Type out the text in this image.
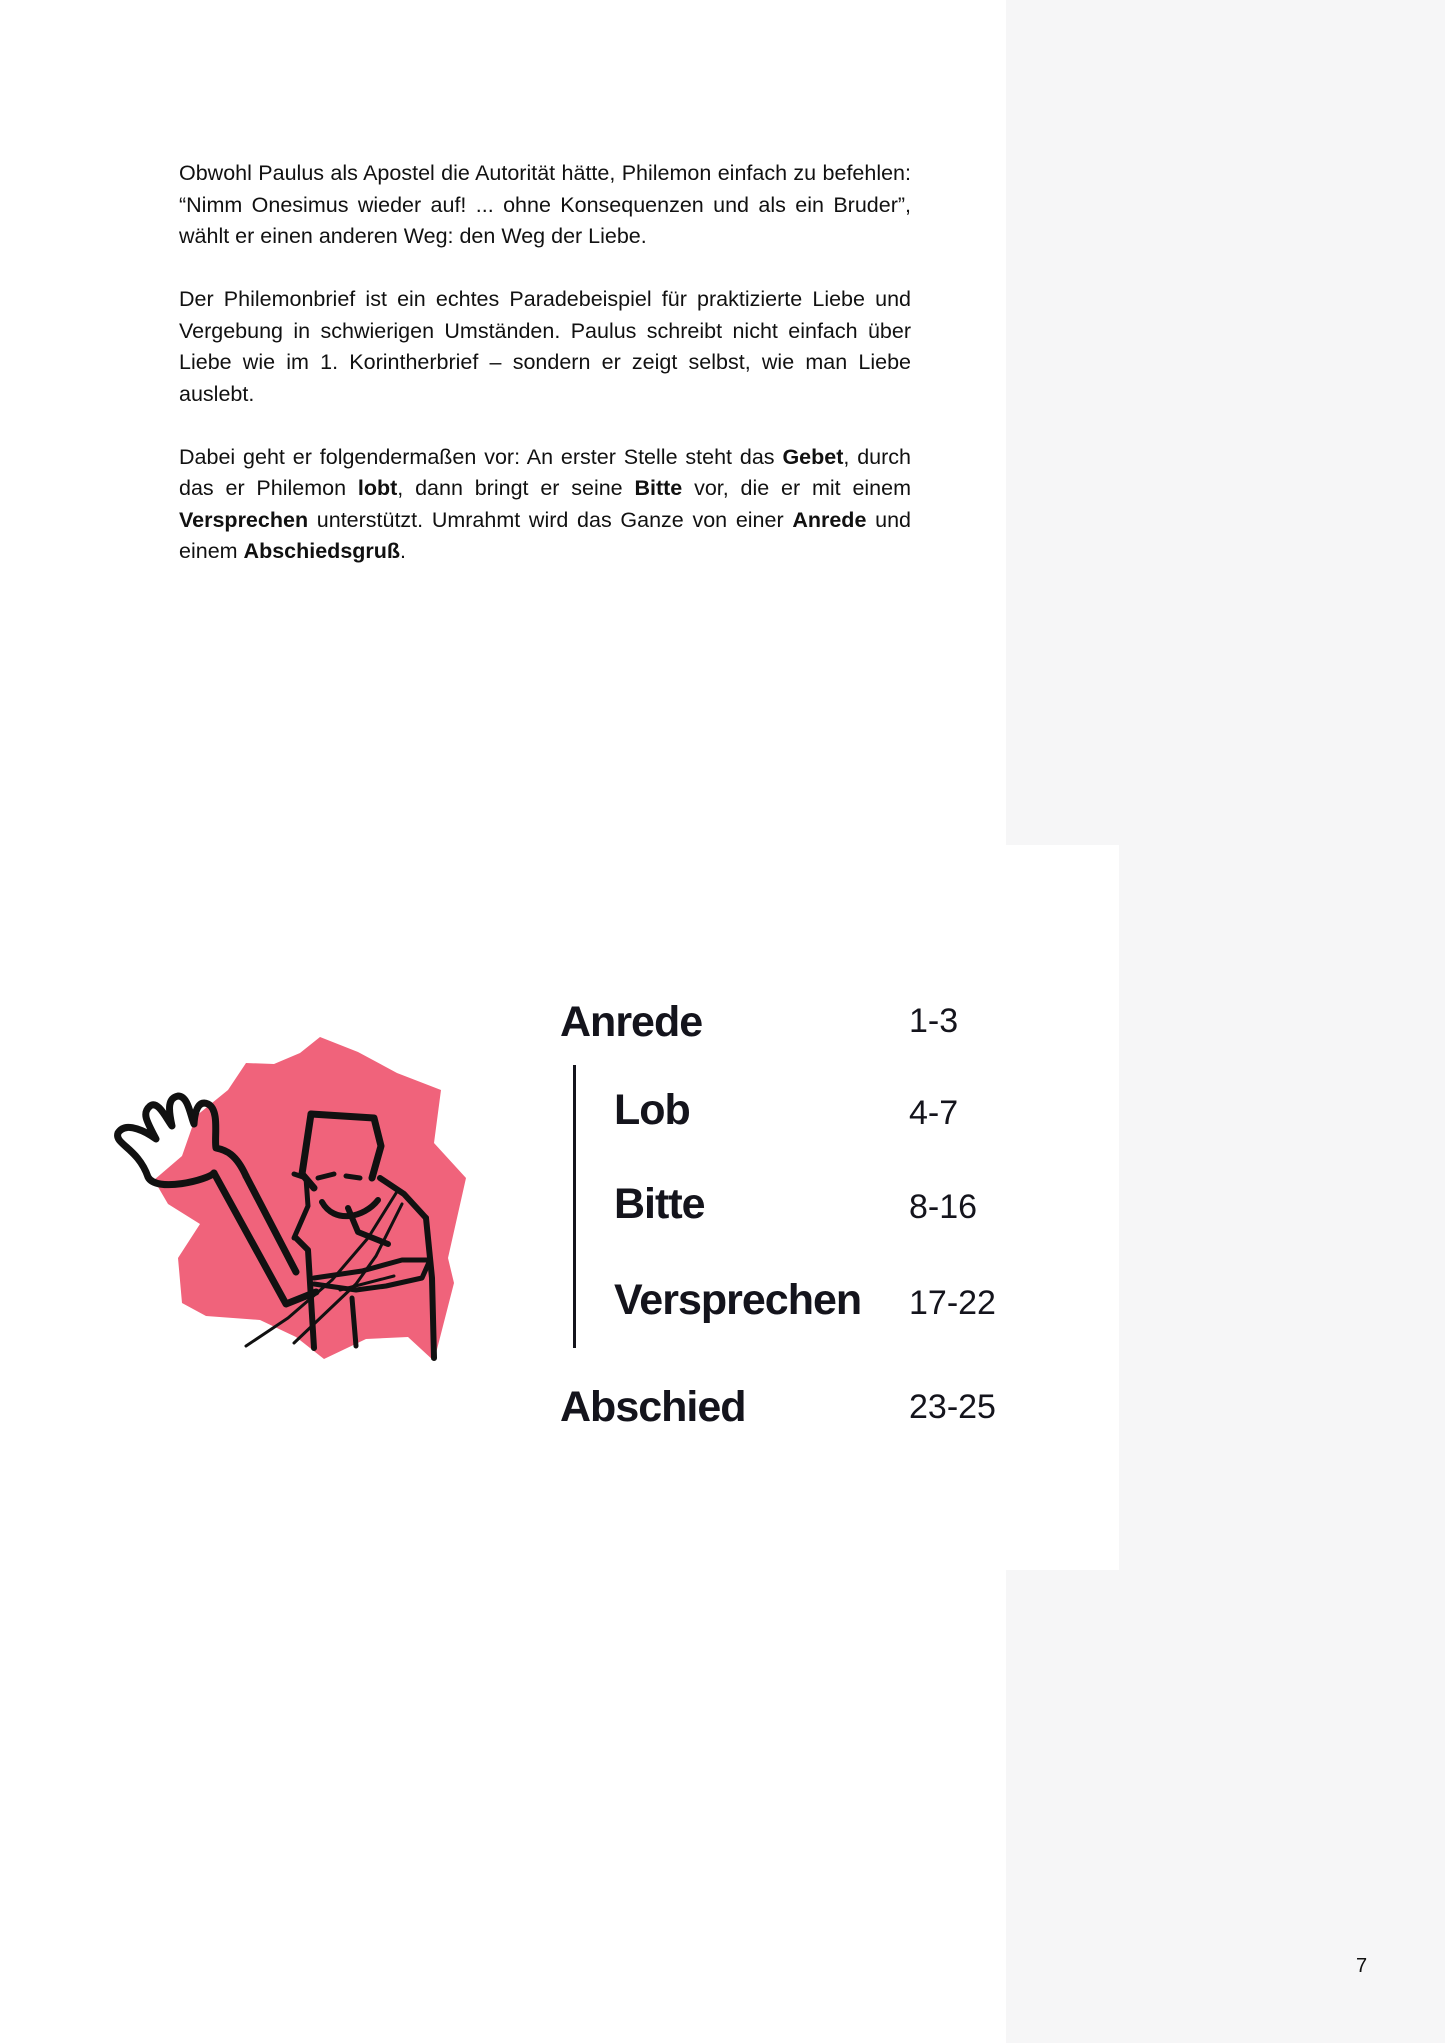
Obwohl Paulus als Apostel die Autorität hätte, Philemon einfach zu befehlen: “Nimm Onesimus wieder auf! ... ohne Konsequenzen und als ein Bruder”, wählt er einen anderen Weg: den Weg der Liebe.

Der Philemonbrief ist ein echtes Paradebeispiel für praktizierte Liebe und Vergebung in schwierigen Umständen. Paulus schreibt nicht einfach über Liebe wie im 1. Korintherbrief – sondern er zeigt selbst, wie man Liebe auslebt.

Dabei geht er folgendermaßen vor: An erster Stelle steht das Gebet, durch das er Philemon lobt, dann bringt er seine Bitte vor, die er mit einem Versprechen unterstützt. Umrahmt wird das Ganze von einer Anrede und einem Abschiedsgruß.

Anrede	1-3
Lob	4-7
Bitte	8-16
Versprechen 17-22
Abschied	23-25
7
